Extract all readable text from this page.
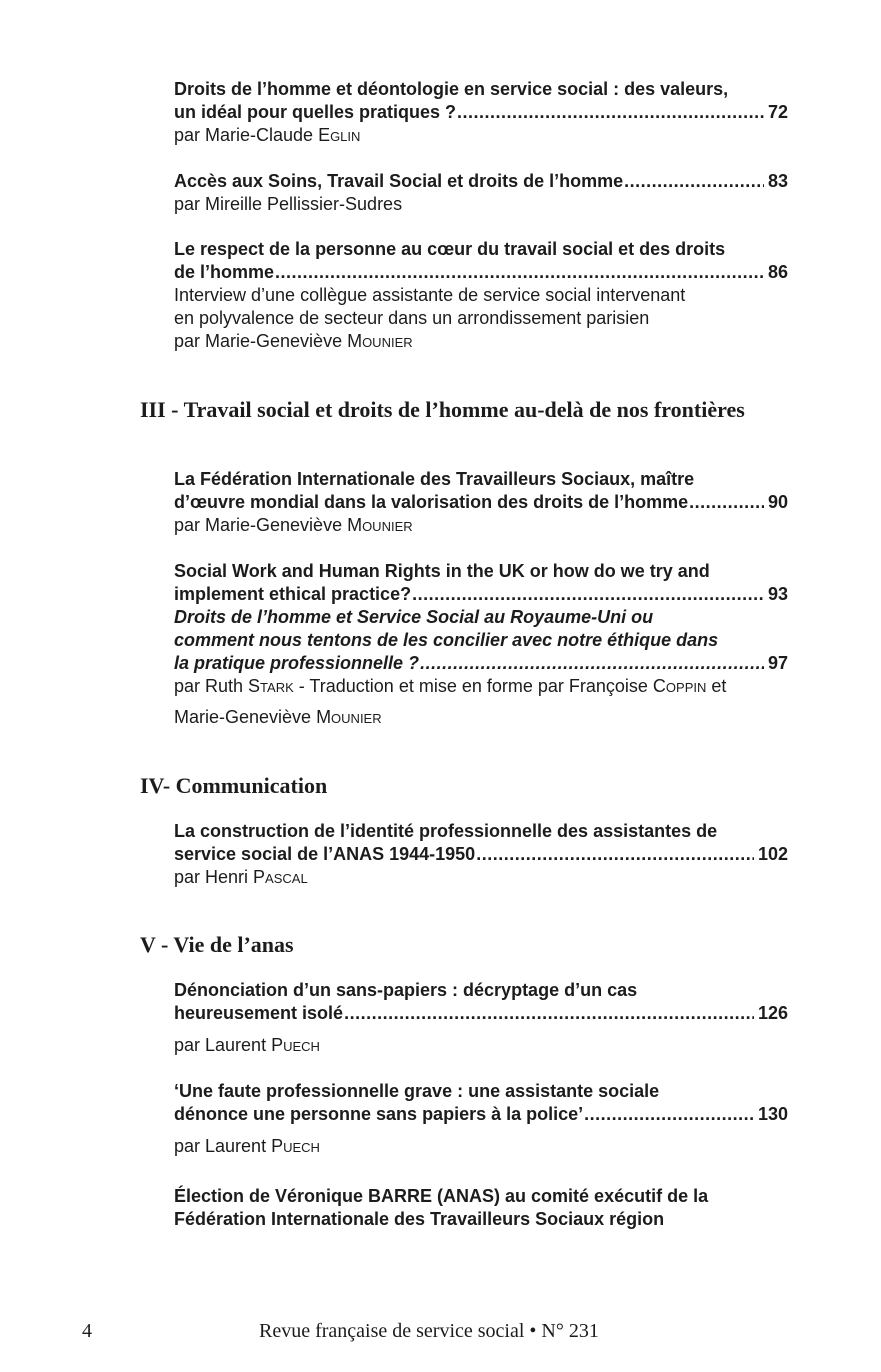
Droits de l’homme et déontologie en service social : des valeurs,
un idéal pour quelles pratiques ? .....	72
par Marie-Claude Eglin
Accès aux Soins, Travail Social et droits de l’homme .....	83
par Mireille Pellissier-Sudres
Le respect de la personne au cœur du travail social et des droits
de l’homme .....	86
Interview d’une collègue assistante de service social intervenant
en polyvalence de secteur dans un arrondissement parisien
par Marie-Geneviève Mounier
III - Travail social et droits de l’homme au-delà de nos frontières
La Fédération Internationale des Travailleurs Sociaux, maître
d’œuvre mondial dans la valorisation des droits de l’homme .....	90
par Marie-Geneviève Mounier
Social Work and Human Rights in the UK or how do we try and
implement ethical practice? .....	93
Droits de l’homme et Service Social au Royaume-Uni ou
comment nous tentons de les concilier avec notre éthique dans
la pratique professionnelle ? .....	97
par Ruth Stark - Traduction et mise en forme par Françoise Coppin et
Marie-Geneviève Mounier
IV- Communication
La construction de l’identité professionnelle des assistantes de
service social de l’ANAS 1944-1950 .....	102
par Henri Pascal
V - Vie de l’anas
Dénonciation d’un sans-papiers : décryptage d’un cas
heureusement isolé .....	126
par Laurent Puech
‘Une faute professionnelle grave : une assistante sociale
dénonce une personne sans papiers à la police’ .....	130
par Laurent Puech
Élection de Véronique BARRE (ANAS) au comité exécutif de la
Fédération Internationale des Travailleurs Sociaux région
4	Revue française de service social • N° 231
